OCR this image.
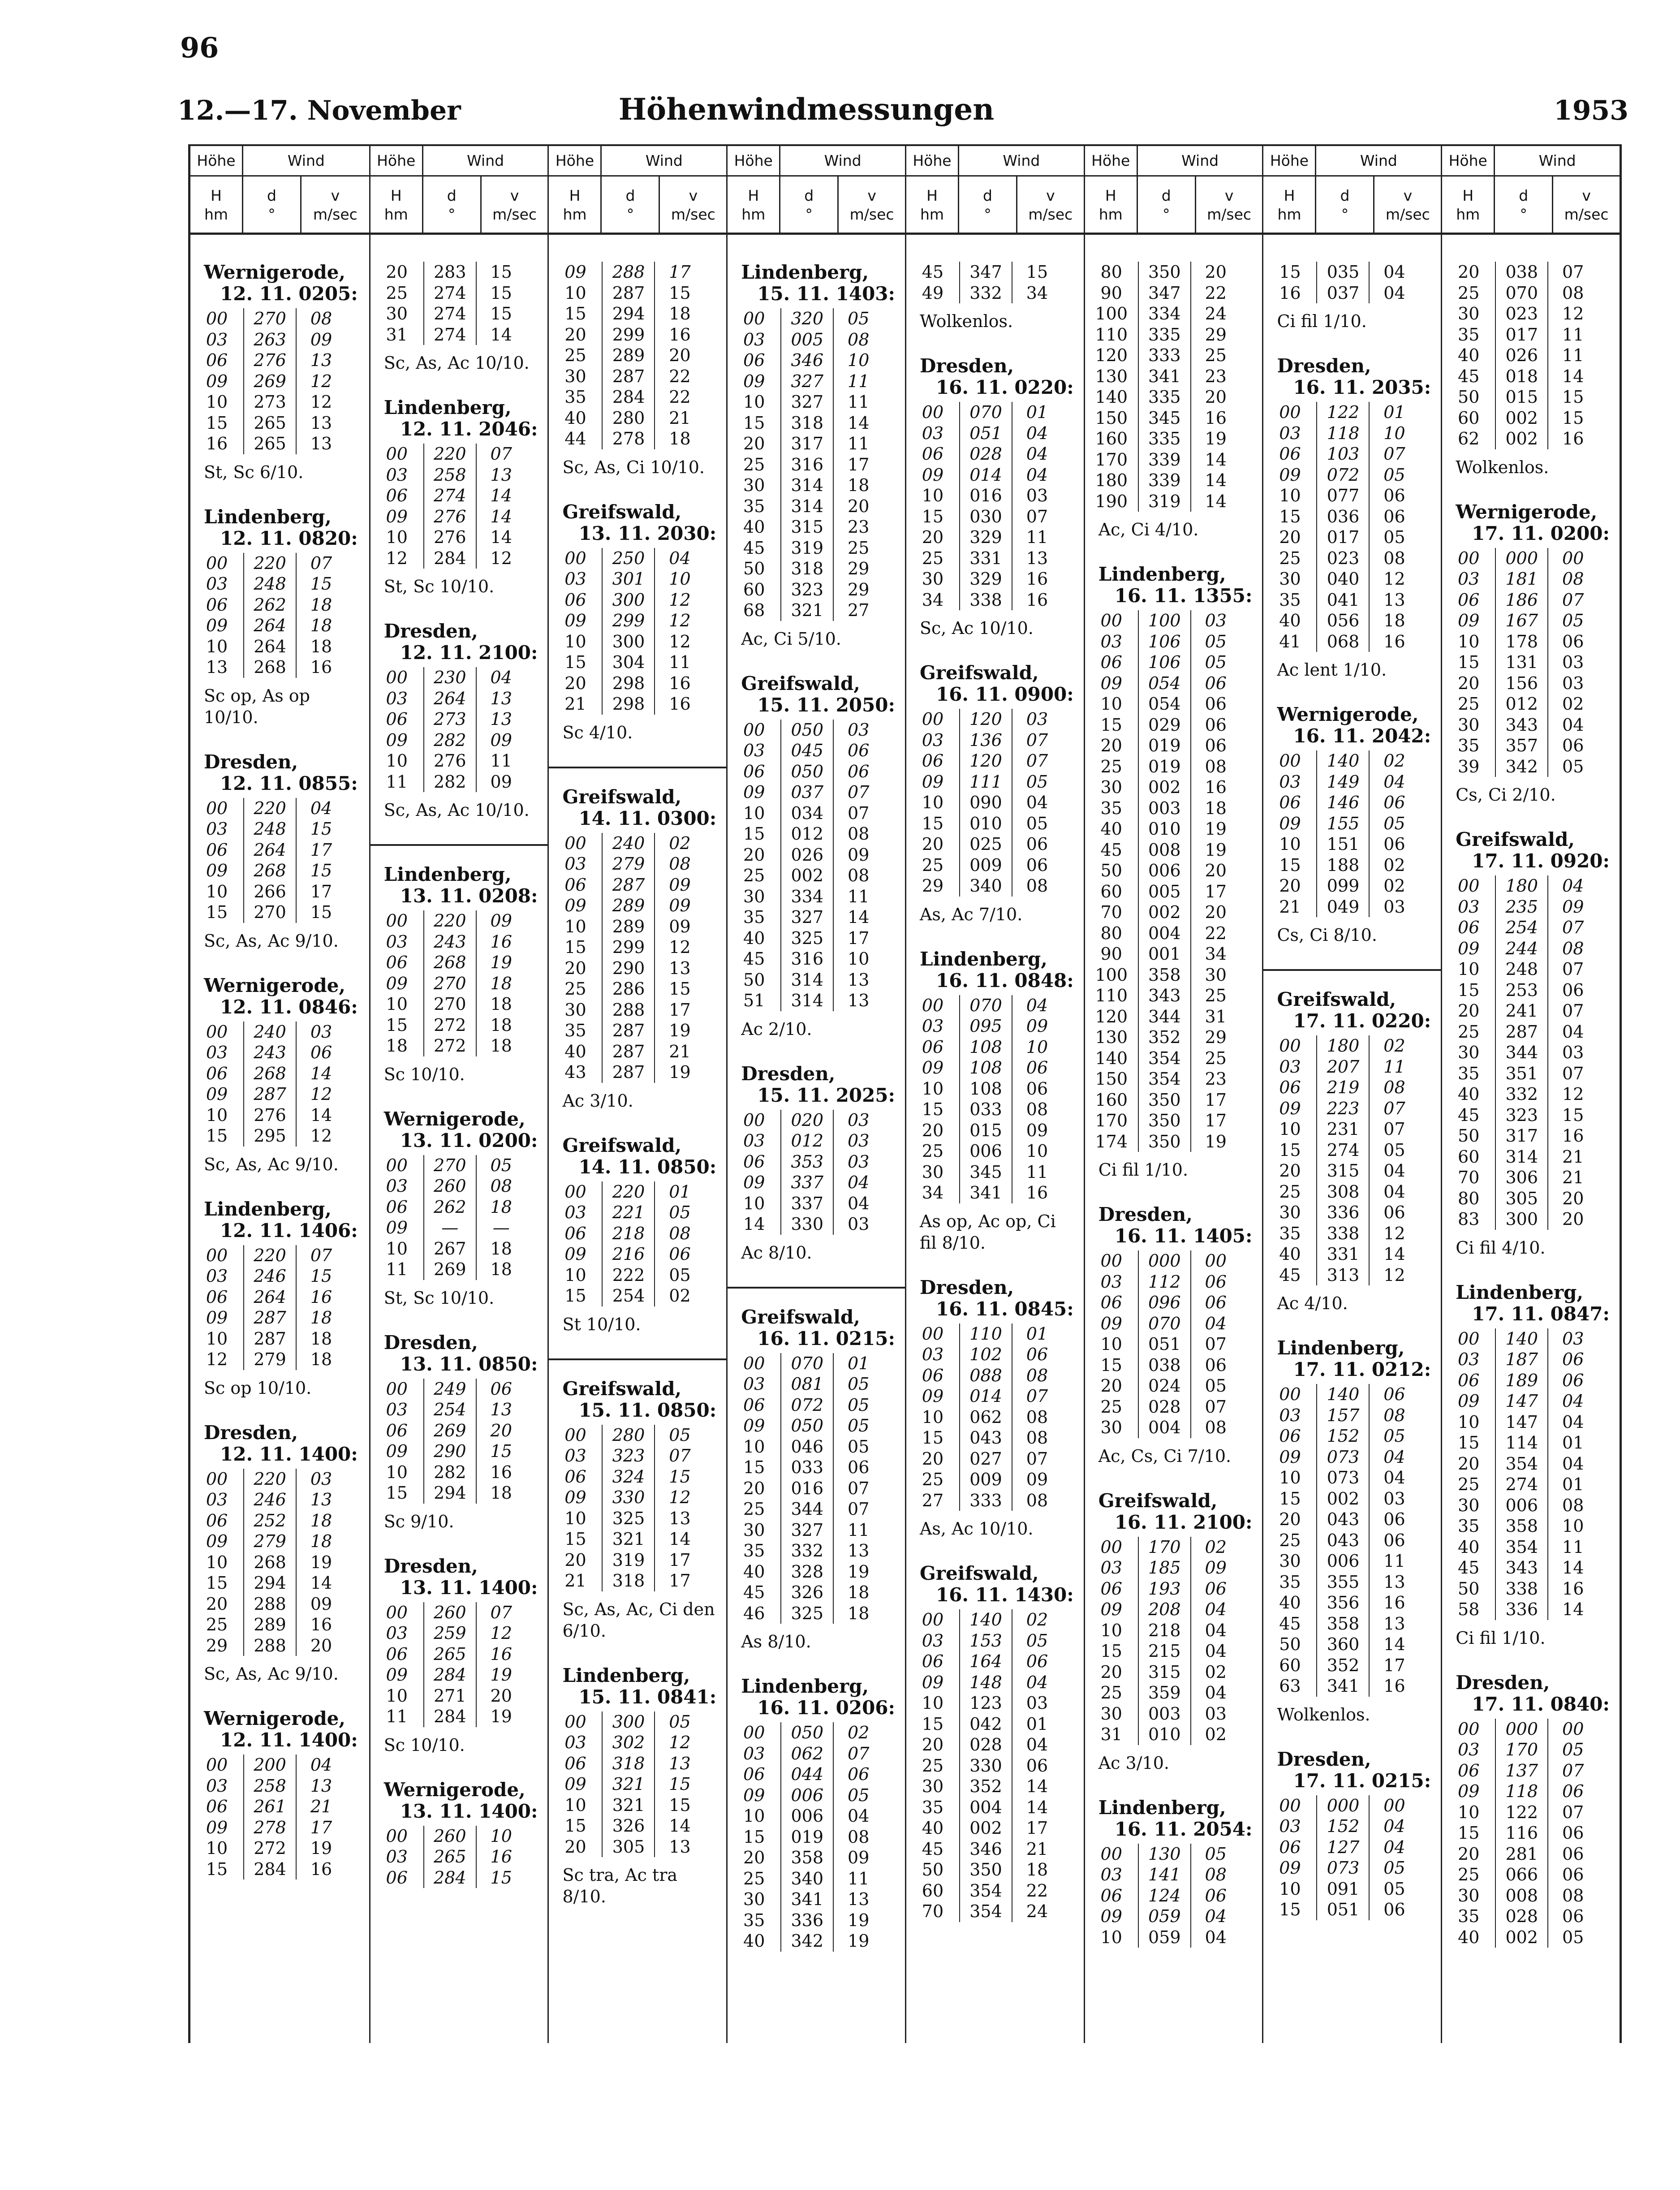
96
12.—17. November	Höhenwindmessungen	1953
Höhe	Wind
H
hm
d
°
v
m/sec
Wernigerode,
12. 11. 0205:
00	270	08
03	263	09
06	276	13
09	269	12
10	273	12
15	265	13
16	265	13
St, Sc 6/10.
Lindenberg,
12. 11. 0820:
00	220	07
03	248	15
06	262	18
09	264	18
10	264	18
13	268	16
Sc op, As op 10/10.
Dresden,
12. 11. 0855:
00	220	04
03	248	15
06	264	17
09	268	15
10	266	17
15	270	15
Sc, As, Ac 9/10.
Wernigerode,
12. 11. 0846:
00	240	03
03	243	06
06	268	14
09	287	12
10	276	14
15	295	12
Sc, As, Ac 9/10.
Lindenberg,
12. 11. 1406:
00	220	07
03	246	15
06	264	16
09	287	18
10	287	18
12	279	18
Sc op 10/10.
Dresden,
12. 11. 1400:
00	220	03
03	246	13
06	252	18
09	279	18
10	268	19
15	294	14
20	288	09
25	289	16
29	288	20
Sc, As, Ac 9/10.
Wernigerode,
12. 11. 1400:
00	200	04
03	258	13
06	261	21
09	278	17
10	272	19
15	284	16
Höhe	Wind
H
hm
d
°
v
m/sec
20	283	15
25	274	15
30	274	15
31	274	14
Sc, As, Ac 10/10.
Lindenberg,
12. 11. 2046:
00	220	07
03	258	13
06	274	14
09	276	14
10	276	14
12	284	12
St, Sc 10/10.
Dresden,
12. 11. 2100:
00	230	04
03	264	13
06	273	13
09	282	09
10	276	11
11	282	09
Sc, As, Ac 10/10.
Lindenberg,
13. 11. 0208:
00	220	09
03	243	16
06	268	19
09	270	18
10	270	18
15	272	18
18	272	18
Sc 10/10.
Wernigerode,
13. 11. 0200:
00	270	05
03	260	08
06	262	18
09	—	—
10	267	18
11	269	18
St, Sc 10/10.
Dresden,
13. 11. 0850:
00	249	06
03	254	13
06	269	20
09	290	15
10	282	16
15	294	18
Sc 9/10.
Dresden,
13. 11. 1400:
00	260	07
03	259	12
06	265	16
09	284	19
10	271	20
11	284	19
Sc 10/10.
Wernigerode,
13. 11. 1400:
00	260	10
03	265	16
06	284	15
Höhe	Wind
H
hm
d
°
v
m/sec
09	288	17
10	287	15
15	294	18
20	299	16
25	289	20
30	287	22
35	284	22
40	280	21
44	278	18
Sc, As, Ci 10/10.
Greifswald,
13. 11. 2030:
00	250	04
03	301	10
06	300	12
09	299	12
10	300	12
15	304	11
20	298	16
21	298	16
Sc 4/10.
Greifswald,
14. 11. 0300:
00	240	02
03	279	08
06	287	09
09	289	09
10	289	09
15	299	12
20	290	13
25	286	15
30	288	17
35	287	19
40	287	21
43	287	19
Ac 3/10.
Greifswald,
14. 11. 0850:
00	220	01
03	221	05
06	218	08
09	216	06
10	222	05
15	254	02
St 10/10.
Greifswald,
15. 11. 0850:
00	280	05
03	323	07
06	324	15
09	330	12
10	325	13
15	321	14
20	319	17
21	318	17
Sc, As, Ac, Ci den 6/10.
Lindenberg,
15. 11. 0841:
00	300	05
03	302	12
06	318	13
09	321	15
10	321	15
15	326	14
20	305	13
Sc tra, Ac tra 8/10.
Höhe	Wind
H
hm
d
°
v
m/sec
Lindenberg,
15. 11. 1403:
00	320	05
03	005	08
06	346	10
09	327	11
10	327	11
15	318	14
20	317	11
25	316	17
30	314	18
35	314	20
40	315	23
45	319	25
50	318	29
60	323	29
68	321	27
Ac, Ci 5/10.
Greifswald,
15. 11. 2050:
00	050	03
03	045	06
06	050	06
09	037	07
10	034	07
15	012	08
20	026	09
25	002	08
30	334	11
35	327	14
40	325	17
45	316	10
50	314	13
51	314	13
Ac 2/10.
Dresden,
15. 11. 2025:
00	020	03
03	012	03
06	353	03
09	337	04
10	337	04
14	330	03
Ac 8/10.
Greifswald,
16. 11. 0215:
00	070	01
03	081	05
06	072	05
09	050	05
10	046	05
15	033	06
20	016	07
25	344	07
30	327	11
35	332	13
40	328	19
45	326	18
46	325	18
As 8/10.
Lindenberg,
16. 11. 0206:
00	050	02
03	062	07
06	044	06
09	006	05
10	006	04
15	019	08
20	358	09
25	340	11
30	341	13
35	336	19
40	342	19
Höhe	Wind
H
hm
d
°
v
m/sec
45	347	15
49	332	34
Wolkenlos.
Dresden,
16. 11. 0220:
00	070	01
03	051	04
06	028	04
09	014	04
10	016	03
15	030	07
20	329	11
25	331	13
30	329	16
34	338	16
Sc, Ac 10/10.
Greifswald,
16. 11. 0900:
00	120	03
03	136	07
06	120	07
09	111	05
10	090	04
15	010	05
20	025	06
25	009	06
29	340	08
As, Ac 7/10.
Lindenberg,
16. 11. 0848:
00	070	04
03	095	09
06	108	10
09	108	06
10	108	06
15	033	08
20	015	09
25	006	10
30	345	11
34	341	16
As op, Ac op, Ci fil 8/10.
Dresden,
16. 11. 0845:
00	110	01
03	102	06
06	088	08
09	014	07
10	062	08
15	043	08
20	027	07
25	009	09
27	333	08
As, Ac 10/10.
Greifswald,
16. 11. 1430:
00	140	02
03	153	05
06	164	06
09	148	04
10	123	03
15	042	01
20	028	04
25	330	06
30	352	14
35	004	14
40	002	17
45	346	21
50	350	18
60	354	22
70	354	24
Höhe	Wind
H
hm
d
°
v
m/sec
80	350	20
90	347	22
100	334	24
110	335	29
120	333	25
130	341	23
140	335	20
150	345	16
160	335	19
170	339	14
180	339	14
190	319	14
Ac, Ci 4/10.
Lindenberg,
16. 11. 1355:
00	100	03
03	106	05
06	106	05
09	054	06
10	054	06
15	029	06
20	019	06
25	019	08
30	002	16
35	003	18
40	010	19
45	008	19
50	006	20
60	005	17
70	002	20
80	004	22
90	001	34
100	358	30
110	343	25
120	344	31
130	352	29
140	354	25
150	354	23
160	350	17
170	350	17
174	350	19
Ci fil 1/10.
Dresden,
16. 11. 1405:
00	000	00
03	112	06
06	096	06
09	070	04
10	051	07
15	038	06
20	024	05
25	028	07
30	004	08
Ac, Cs, Ci 7/10.
Greifswald,
16. 11. 2100:
00	170	02
03	185	09
06	193	06
09	208	04
10	218	04
15	215	04
20	315	02
25	359	04
30	003	03
31	010	02
Ac 3/10.
Lindenberg,
16. 11. 2054:
00	130	05
03	141	08
06	124	06
09	059	04
10	059	04
Höhe	Wind
H
hm
d
°
v
m/sec
15	035	04
16	037	04
Ci fil 1/10.
Dresden,
16. 11. 2035:
00	122	01
03	118	10
06	103	07
09	072	05
10	077	06
15	036	06
20	017	05
25	023	08
30	040	12
35	041	13
40	056	18
41	068	16
Ac lent 1/10.
Wernigerode,
16. 11. 2042:
00	140	02
03	149	04
06	146	06
09	155	05
10	151	06
15	188	02
20	099	02
21	049	03
Cs, Ci 8/10.
Greifswald,
17. 11. 0220:
00	180	02
03	207	11
06	219	08
09	223	07
10	231	07
15	274	05
20	315	04
25	308	04
30	336	06
35	338	12
40	331	14
45	313	12
Ac 4/10.
Lindenberg,
17. 11. 0212:
00	140	06
03	157	08
06	152	05
09	073	04
10	073	04
15	002	03
20	043	06
25	043	06
30	006	11
35	355	13
40	356	16
45	358	13
50	360	14
60	352	17
63	341	16
Wolkenlos.
Dresden,
17. 11. 0215:
00	000	00
03	152	04
06	127	04
09	073	05
10	091	05
15	051	06
Höhe	Wind
H
hm
d
°
v
m/sec
20	038	07
25	070	08
30	023	12
35	017	11
40	026	11
45	018	14
50	015	15
60	002	15
62	002	16
Wolkenlos.
Wernigerode,
17. 11. 0200:
00	000	00
03	181	08
06	186	07
09	167	05
10	178	06
15	131	03
20	156	03
25	012	02
30	343	04
35	357	06
39	342	05
Cs, Ci 2/10.
Greifswald,
17. 11. 0920:
00	180	04
03	235	09
06	254	07
09	244	08
10	248	07
15	253	06
20	241	07
25	287	04
30	344	03
35	351	07
40	332	12
45	323	15
50	317	16
60	314	21
70	306	21
80	305	20
83	300	20
Ci fil 4/10.
Lindenberg,
17. 11. 0847:
00	140	03
03	187	06
06	189	06
09	147	04
10	147	04
15	114	01
20	354	04
25	274	01
30	006	08
35	358	10
40	354	11
45	343	14
50	338	16
58	336	14
Ci fil 1/10.
Dresden,
17. 11. 0840:
00	000	00
03	170	05
06	137	07
09	118	06
10	122	07
15	116	06
20	281	06
25	066	06
30	008	08
35	028	06
40	002	05
